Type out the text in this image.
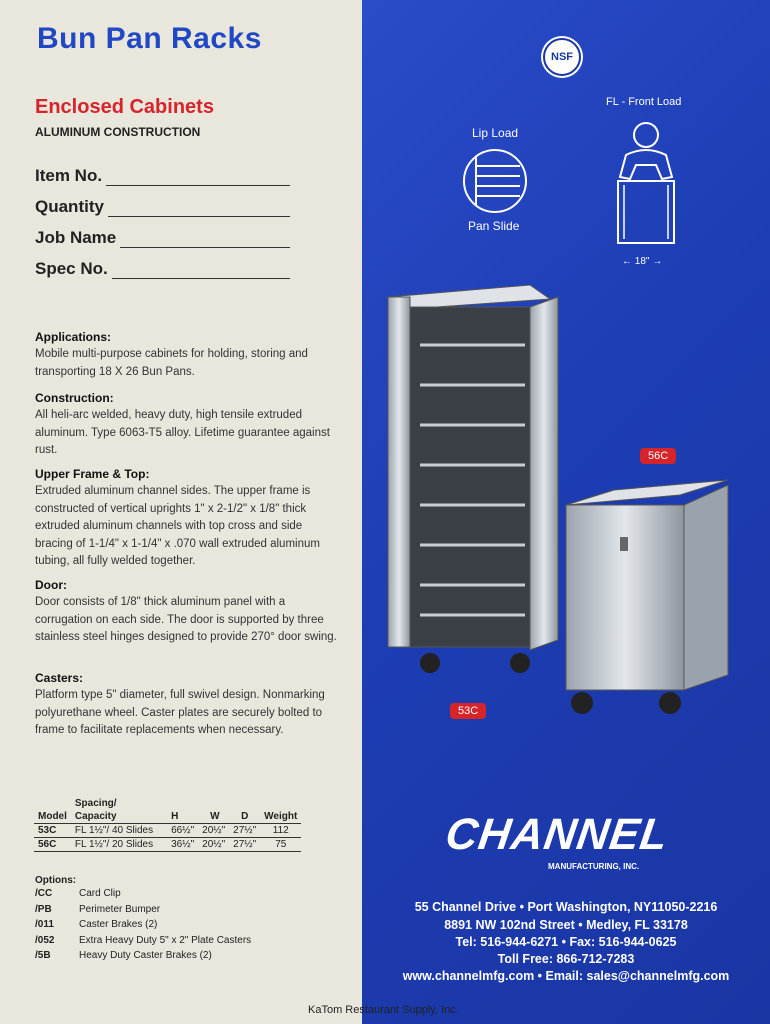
Bun Pan Racks
Enclosed Cabinets
ALUMINUM CONSTRUCTION
Item No.
Quantity
Job Name
Spec No.
Applications:

Mobile multi-purpose cabinets for holding, storing and transporting 18 X 26 Bun Pans.

Construction:

All heli-arc welded, heavy duty, high tensile extruded aluminum. Type 6063-T5 alloy. Lifetime guarantee against rust.

Upper Frame & Top:

Extruded aluminum channel sides. The upper frame is constructed of vertical uprights 1" x 2-1/2" x 1/8" thick extruded aluminum channels with top cross and side bracing of 1-1/4" x 1-1/4" x .070 wall extruded aluminum tubing, all fully welded together.

Door:

Door consists of 1/8" thick aluminum panel with a corrugation on each side. The door is supported by three stainless steel hinges designed to provide 270° door swing.

Casters:

Platform type 5" diameter, full swivel design. Nonmarking polyurethane wheel. Caster plates are securely bolted to frame to facilitate replacements when necessary.

	Spacing/				
Model	Capacity	H	W	D	Weight
53C	FL 1½"/ 40 Slides	66½"	20½"	27½"	112
56C	FL 1½"/ 20 Slides	36½"	20½"	27½"	75
Options:
/CC	Card Clip
/PB	Perimeter Bumper
/011	Caster Brakes (2)
/052	Extra Heavy Duty 5" x 2" Plate Casters
/5B	Heavy Duty Caster Brakes (2)
NSF
FL - Front Load
← 18" →
Lip Load
Pan Slide
56C
53C
CHANNEL
MANUFACTURING, INC.
55 Channel Drive • Port Washington, NY11050-2216
8891 NW 102nd Street • Medley, FL 33178
Tel: 516-944-6271 • Fax: 516-944-0625
Toll Free: 866-712-7283
www.channelmfg.com • Email: sales@channelmfg.com
KaTom Restaurant Supply, Inc.
